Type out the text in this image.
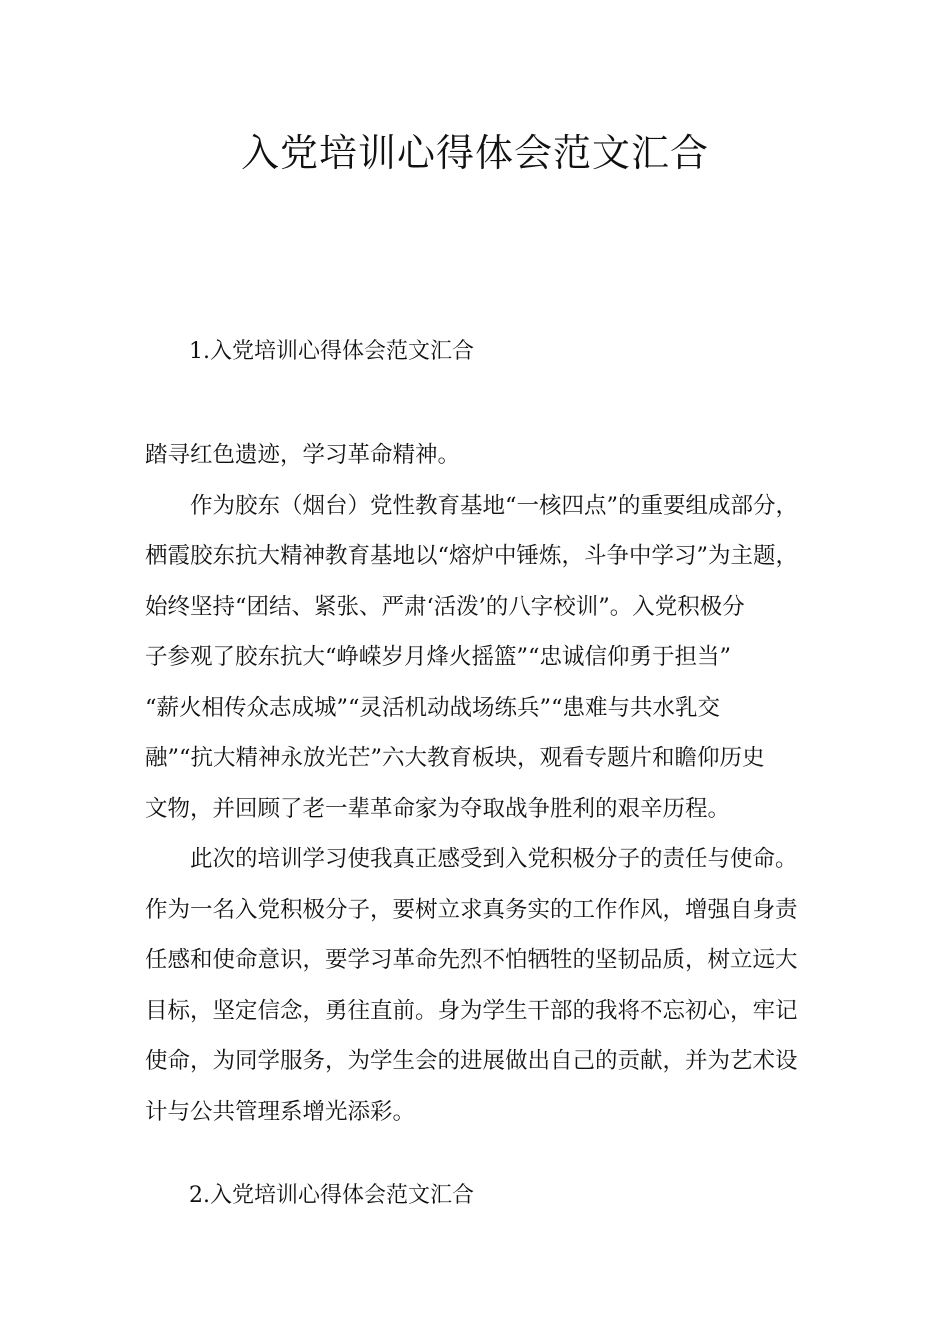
入党培训心得体会范文汇合
1.入党培训心得体会范文汇合
踏寻红色遗迹，学习革命精神。
作为胶东（烟台）党性教育基地“一核四点”的重要组成部分，
栖霞胶东抗大精神教育基地以“熔炉中锤炼，斗争中学习”为主题，
始终坚持“团结、紧张、严肃‘活泼’的八字校训”。入党积极分
子参观了胶东抗大“峥嵘岁月烽火摇篮”“忠诚信仰勇于担当”
“薪火相传众志成城”“灵活机动战场练兵”“患难与共水乳交
融”“抗大精神永放光芒”六大教育板块，观看专题片和瞻仰历史
文物，并回顾了老一辈革命家为夺取战争胜利的艰辛历程。
此次的培训学习使我真正感受到入党积极分子的责任与使命。
作为一名入党积极分子，要树立求真务实的工作作风，增强自身责
任感和使命意识，要学习革命先烈不怕牺牲的坚韧品质，树立远大
目标，坚定信念，勇往直前。身为学生干部的我将不忘初心，牢记
使命，为同学服务，为学生会的进展做出自己的贡献，并为艺术设
计与公共管理系增光添彩。
2.入党培训心得体会范文汇合
